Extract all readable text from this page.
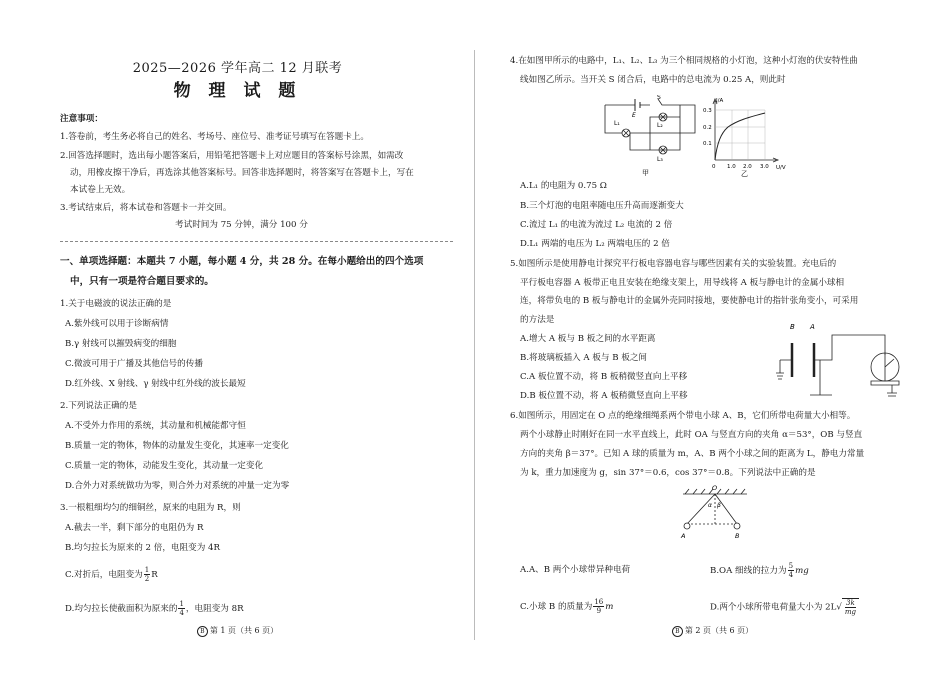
2025—2026 学年高二 12 月联考
物 理 试 题
注意事项：
1.答卷前，考生务必将自己的姓名、考场号、座位号、准考证号填写在答题卡上。
2.回答选择题时，选出每小题答案后，用铅笔把答题卡上对应题目的答案标号涂黑，如需改
动，用橡皮擦干净后，再选涂其他答案标号。回答非选择题时，将答案写在答题卡上，写在
本试卷上无效。
3.考试结束后，将本试卷和答题卡一并交回。
考试时间为 75 分钟，满分 100 分
一、单项选择题：本题共 7 小题，每小题 4 分，共 28 分。在每小题给出的四个选项
中，只有一项是符合题目要求的。
1.关于电磁波的说法正确的是
A.紫外线可以用于诊断病情
B.γ 射线可以摧毁病变的细胞
C.微波可用于广播及其他信号的传播
D.红外线、X 射线、γ 射线中红外线的波长最短
2.下列说法正确的是
A.不受外力作用的系统，其动量和机械能都守恒
B.质量一定的物体，物体的动量发生变化，其速率一定变化
C.质量一定的物体，动能发生变化，其动量一定变化
D.合外力对系统做功为零，则合外力对系统的冲量一定为零
3.一根粗细均匀的细铜丝，原来的电阻为 R，则
A.截去一半，剩下部分的电阻仍为 R
B.均匀拉长为原来的 2 倍，电阻变为 4R
C.对折后，电阻变为 $\frac{1}{2}$ R
D.均匀拉长使截面积为原来的 $\frac{1}{4}$ ，电阻变为 8R
B 第 1 页（共 6 页）
4.在如图甲所示的电路中，L₁、L₂、L₃ 为三个相同规格的小灯泡，这种小灯泡的伏安特性曲
线如图乙所示。当开关 S 闭合后，电路中的总电流为 0.25 A，则此时
E
S
L₁	L₂
L₃
甲
I/A
U/V
0.3
0.2
0.1
0 1.0 2.0 3.0
乙
A.L₁ 的电阻为 0.75 Ω
B.三个灯泡的电阻率随电压升高而逐渐变大
C.流过 L₁ 的电流为流过 L₂ 电流的 2 倍
D.L₁ 两端的电压为 L₂ 两端电压的 2 倍
5.如图所示是使用静电计探究平行板电容器电容与哪些因素有关的实验装置。充电后的
平行板电容器 A 板带正电且安装在绝缘支架上，用导线将 A 板与静电计的金属小球相
连，将带负电的 B 板与静电计的金属外壳同时接地，要使静电计的指针张角变小，可采用
的方法是
A.增大 A 板与 B 板之间的水平距离
B.将玻璃板插入 A 板与 B 板之间
C.A 板位置不动，将 B 板稍微竖直向上平移
D.B 板位置不动，将 A 板稍微竖直向上平移
B A
6.如图所示，用固定在 O 点的绝缘细绳系两个带电小球 A、B，它们所带电荷量大小相等。
两个小球静止时刚好在同一水平直线上，此时 OA 与竖直方向的夹角 α＝53°，OB 与竖直
方向的夹角 β＝37°。已知 A 球的质量为 m，A、B 两个小球之间的距离为 L，静电力常量
为 k，重力加速度为 g，sin 37°＝0.6，cos 37°＝0.8。下列说法中正确的是
O
α β
A	B
A.A、B 两个小球带异种电荷	B.OA 细线的拉力为 $\frac{5}{4}$ mg
C.小球 B 的质量为 $\frac{16}{9}$ m	D.两个小球所带电荷量大小为 $2L√ \frac{3k}{mg}$
B 第 2 页（共 6 页）
